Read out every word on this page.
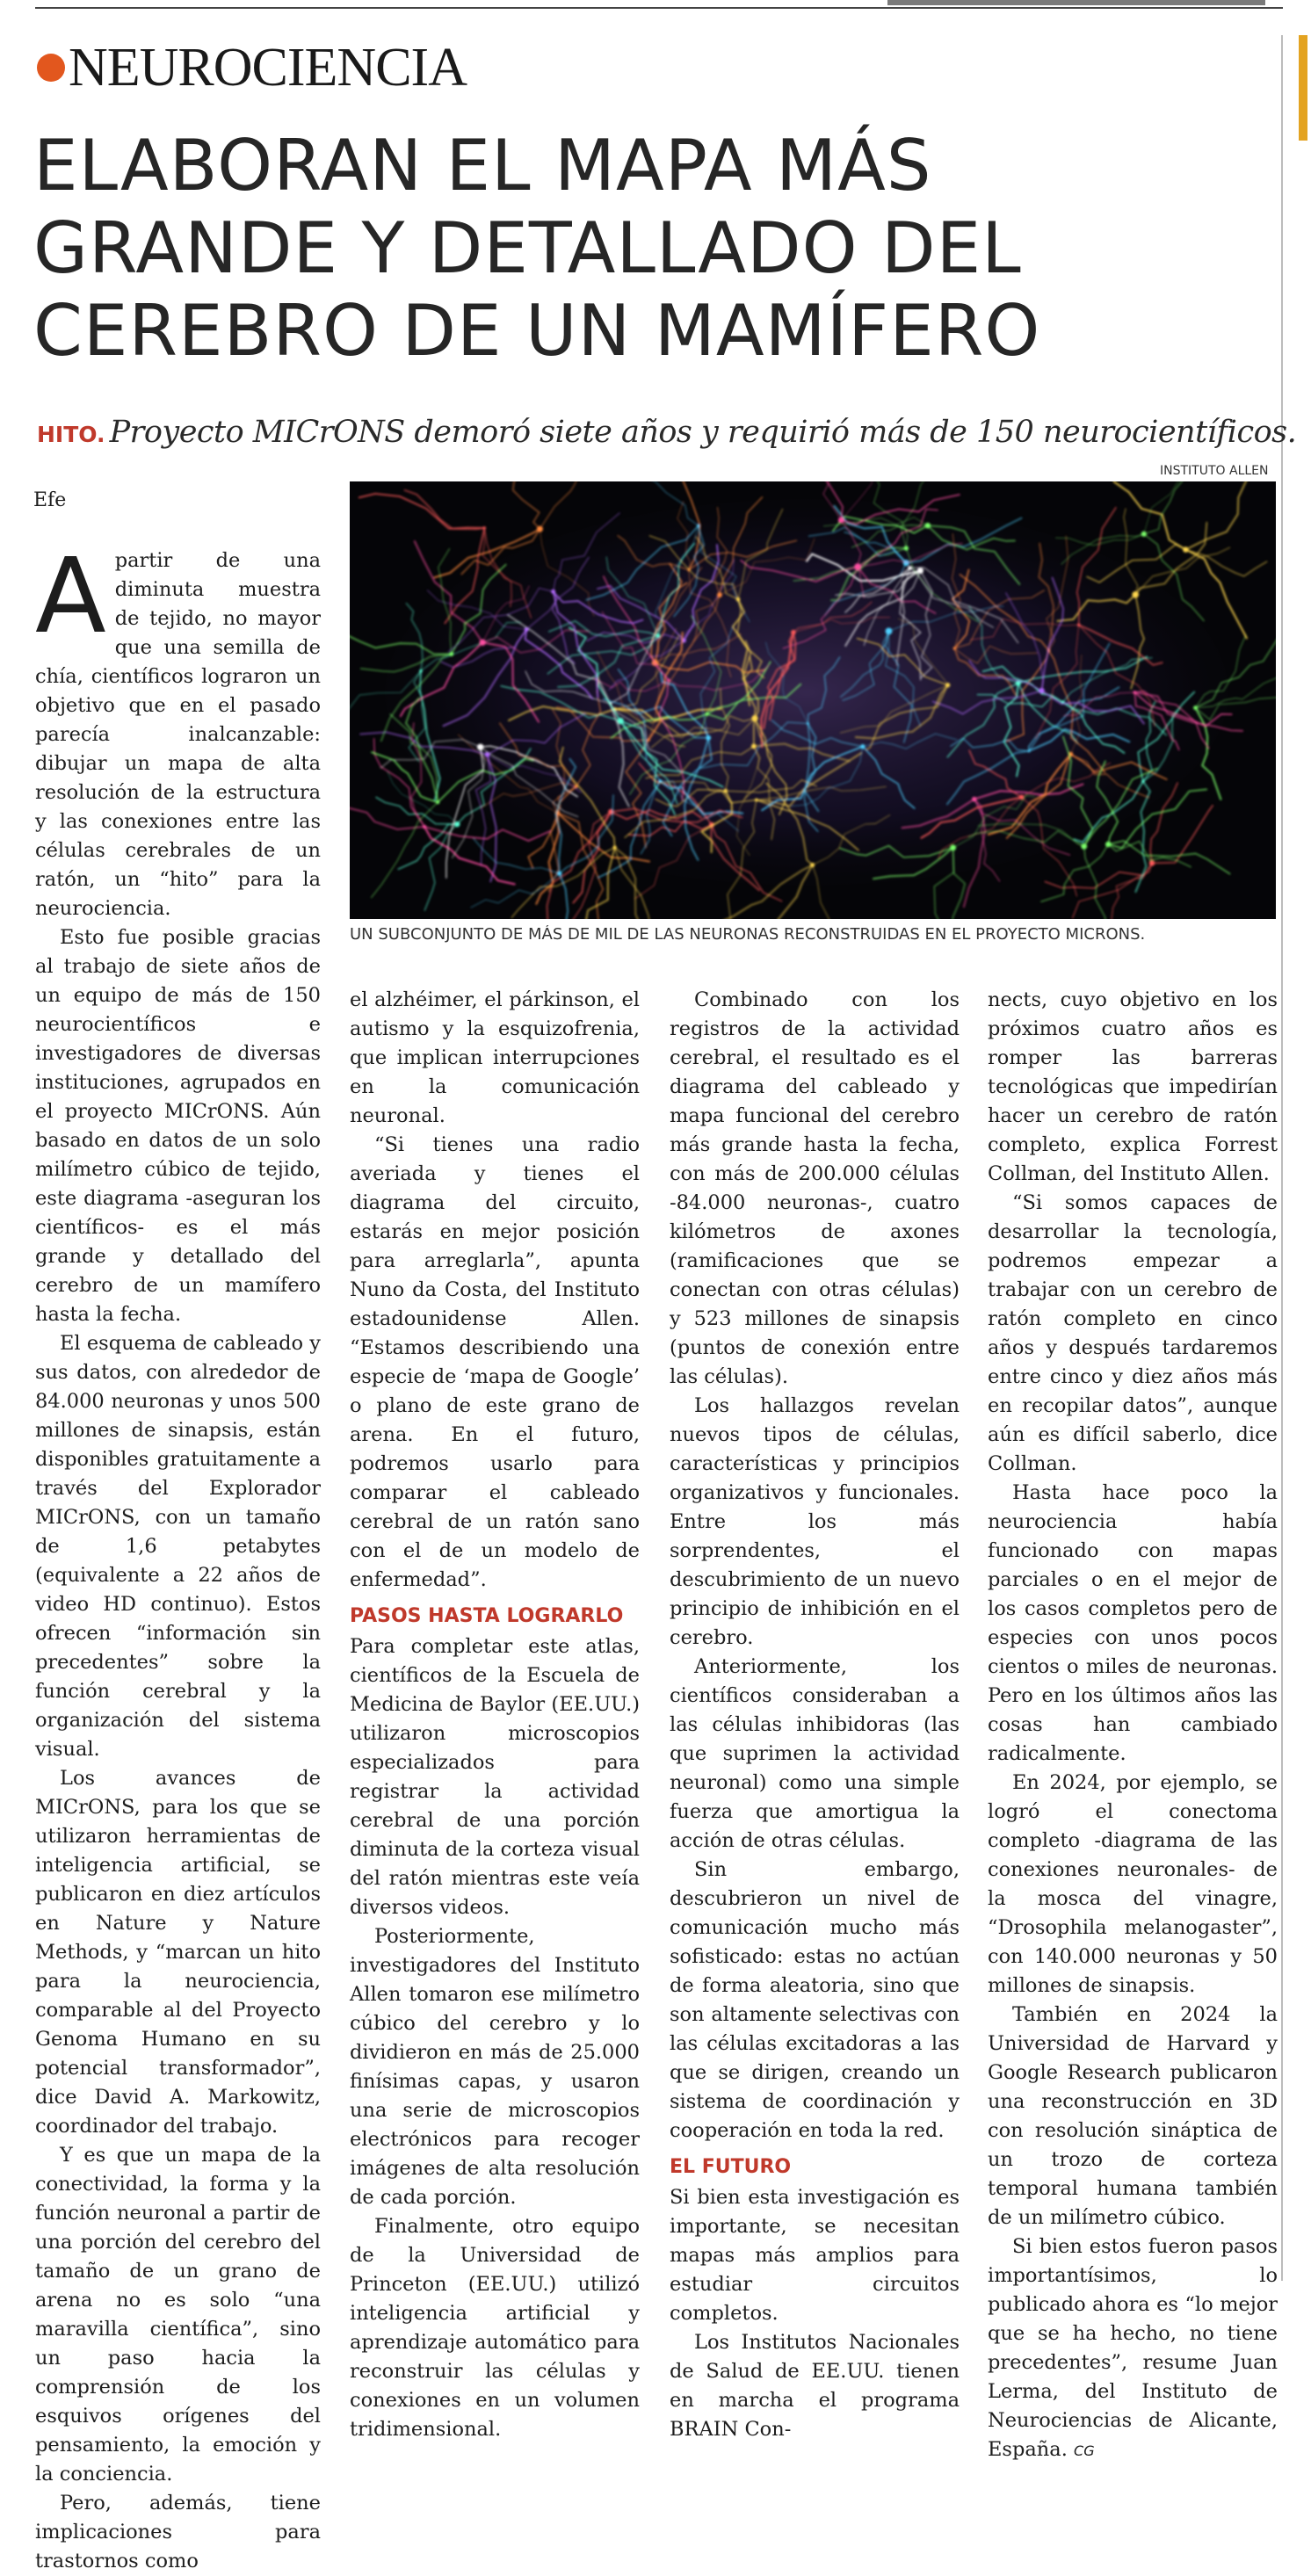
NEUROCIENCIA
ELABORAN EL MAPA MÁS
GRANDE Y DETALLADO DEL
CEREBRO DE UN MAMÍFERO
HITO. Proyecto MICrONS demoró siete años y requirió más de 150 neurocientíficos.
INSTITUTO ALLEN
Efe
UN SUBCONJUNTO DE MÁS DE MIL DE LAS NEURONAS RECONSTRUIDAS EN EL PROYECTO MICRONS.
A partir de una diminuta muestra de tejido, no mayor que una semilla de chía, científicos lograron un objetivo que en el pasado parecía inalcanzable: dibujar un mapa de alta resolución de la estructura y las conexiones entre las células cerebrales de un ratón, un “hito” para la neurociencia.

Esto fue posible gracias al trabajo de siete años de un equipo de más de 150 neurocientíficos e investigadores de diversas instituciones, agrupados en el proyecto MICrONS. Aún basado en datos de un solo milímetro cúbico de tejido, este diagrama -aseguran los científicos- es el más grande y detallado del cerebro de un mamífero hasta la fecha.

El esquema de cableado y sus datos, con alrededor de 84.000 neuronas y unos 500 millones de sinapsis, están disponibles gratuitamente a través del Explorador MICrONS, con un tamaño de 1,6 petabytes (equivalente a 22 años de video HD continuo). Estos ofrecen “información sin precedentes” sobre la función cerebral y la organización del sistema visual.

Los avances de MICrONS, para los que se utilizaron herramientas de inteligencia artificial, se publicaron en diez artículos en Nature y Nature Methods, y “marcan un hito para la neurociencia, comparable al del Proyecto Genoma Humano en su potencial transformador”, dice David A. Markowitz, coordinador del trabajo.

Y es que un mapa de la conectividad, la forma y la función neuronal a partir de una porción del cerebro del tamaño de un grano de arena no es solo “una maravilla científica”, sino un paso hacia la comprensión de los esquivos orígenes del pensamiento, la emoción y la conciencia.

Pero, además, tiene implicaciones para trastornos como

el alzhéimer, el párkinson, el autismo y la esquizofrenia, que implican interrupciones en la comunicación neuronal.

“Si tienes una radio averiada y tienes el diagrama del circuito, estarás en mejor posición para arreglarla”, apunta Nuno da Costa, del Instituto estadounidense Allen. “Estamos describiendo una especie de ‘mapa de Google’ o plano de este grano de arena. En el futuro, podremos usarlo para comparar el cableado cerebral de un ratón sano con el de un modelo de enfermedad”.

PASOS HASTA LOGRARLO

Para completar este atlas, científicos de la Escuela de Medicina de Baylor (EE.UU.) utilizaron microscopios especializados para registrar la actividad cerebral de una porción diminuta de la corteza visual del ratón mientras este veía diversos videos.

Posteriormente, investigadores del Instituto Allen tomaron ese milímetro cúbico del cerebro y lo dividieron en más de 25.000 finísimas capas, y usaron una serie de microscopios electrónicos para recoger imágenes de alta resolución de cada porción.

Finalmente, otro equipo de la Universidad de Princeton (EE.UU.) utilizó inteligencia artificial y aprendizaje automático para reconstruir las células y conexiones en un volumen tridimensional.

Combinado con los registros de la actividad cerebral, el resultado es el diagrama del cableado y mapa funcional del cerebro más grande hasta la fecha, con más de 200.000 células -84.000 neuronas-, cuatro kilómetros de axones (ramificaciones que se conectan con otras células) y 523 millones de sinapsis (puntos de conexión entre las células).

Los hallazgos revelan nuevos tipos de células, características y principios organizativos y funcionales. Entre los más sorprendentes, el descubrimiento de un nuevo principio de inhibición en el cerebro.

Anteriormente, los científicos consideraban a las células inhibidoras (las que suprimen la actividad neuronal) como una simple fuerza que amortigua la acción de otras células.

Sin embargo, descubrieron un nivel de comunicación mucho más sofisticado: estas no actúan de forma aleatoria, sino que son altamente selectivas con las células excitadoras a las que se dirigen, creando un sistema de coordinación y cooperación en toda la red.

EL FUTURO

Si bien esta investigación es importante, se necesitan mapas más amplios para estudiar circuitos completos.

Los Institutos Nacionales de Salud de EE.UU. tienen en marcha el programa BRAIN Con-

nects, cuyo objetivo en los próximos cuatro años es romper las barreras tecnológicas que impedirían hacer un cerebro de ratón completo, explica Forrest Collman, del Instituto Allen.

“Si somos capaces de desarrollar la tecnología, podremos empezar a trabajar con un cerebro de ratón completo en cinco años y después tardaremos entre cinco y diez años más en recopilar datos”, aunque aún es difícil saberlo, dice Collman.

Hasta hace poco la neurociencia había funcionado con mapas parciales o en el mejor de los casos completos pero de especies con unos pocos cientos o miles de neuronas. Pero en los últimos años las cosas han cambiado radicalmente.

En 2024, por ejemplo, se logró el conectoma completo -diagrama de las conexiones neuronales- de la mosca del vinagre, “Drosophila melanogaster”, con 140.000 neuronas y 50 millones de sinapsis.

También en 2024 la Universidad de Harvard y Google Research publicaron una reconstrucción en 3D con resolución sináptica de un trozo de corteza temporal humana también de un milímetro cúbico.

Si bien estos fueron pasos importantísimos, lo publicado ahora es “lo mejor que se ha hecho, no tiene precedentes”, resume Juan Lerma, del Instituto de Neurociencias de Alicante, España. CG
